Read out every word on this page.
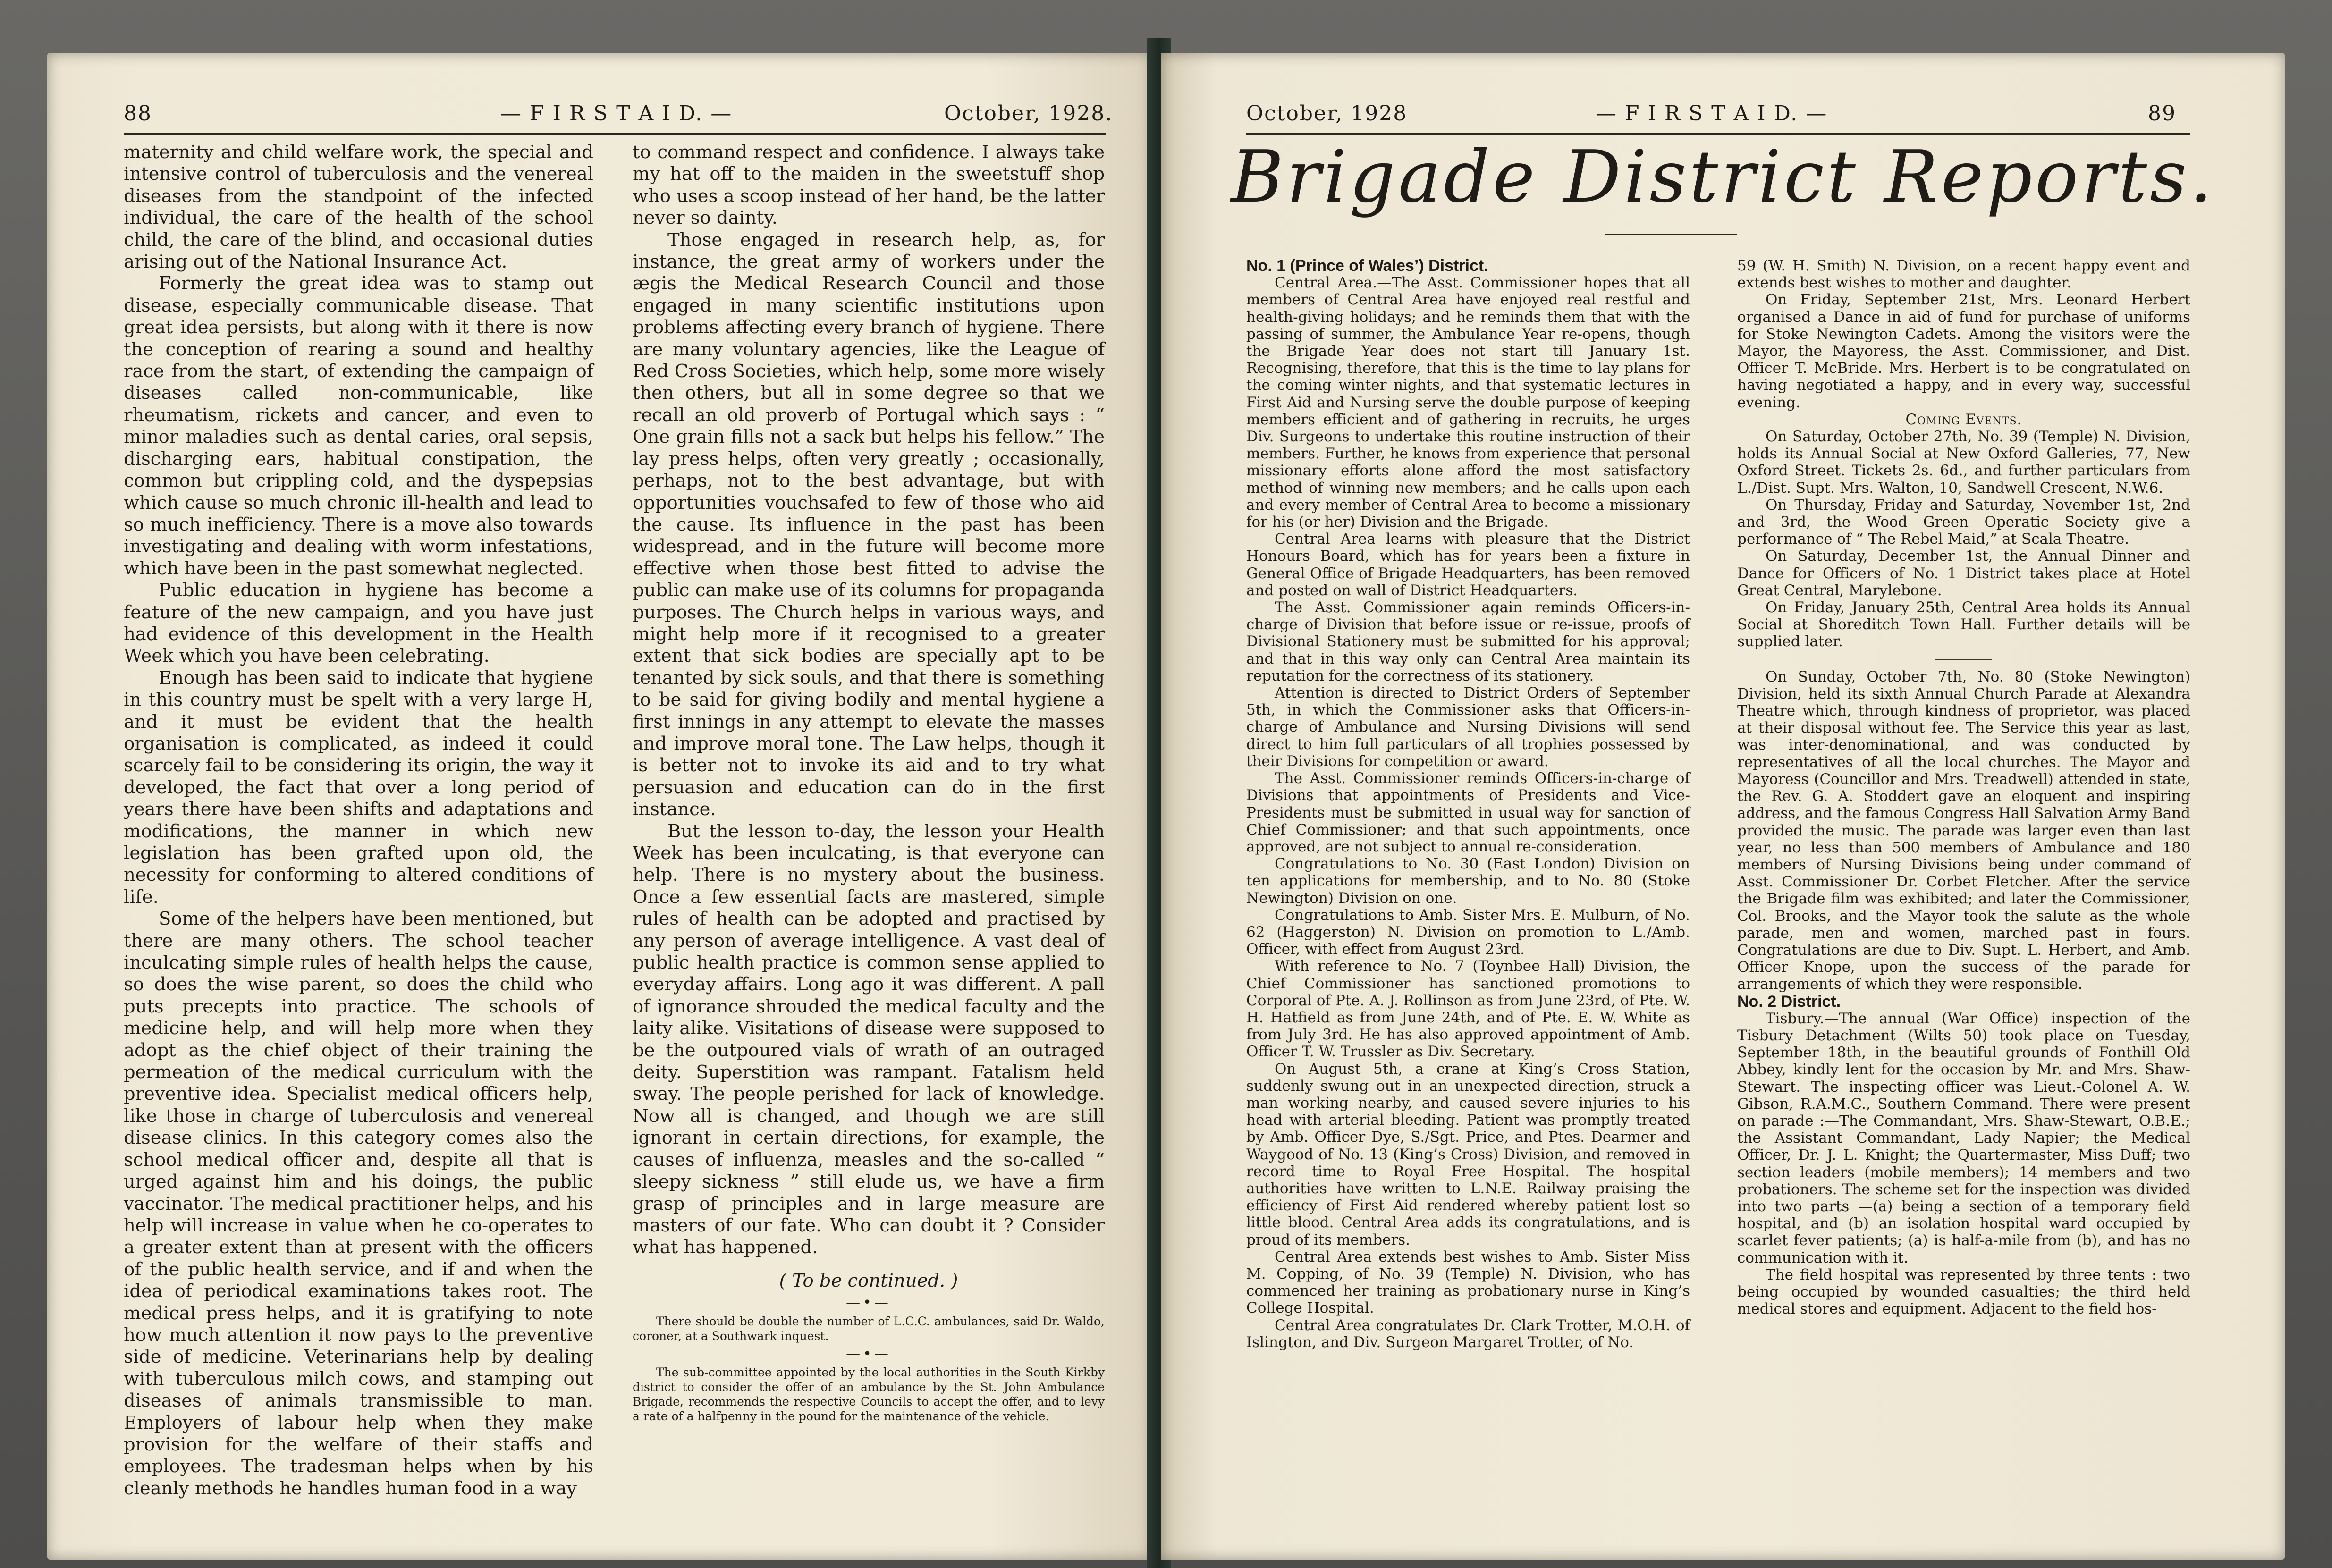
88	— F I R S T A I D. —	October, 1928.

maternity and child welfare work, the special and intensive control of tuberculosis and the venereal diseases from the standpoint of the infected individual, the care of the health of the school child, the care of the blind, and occasional duties arising out of the National Insurance Act.

Formerly the great idea was to stamp out disease, especially communicable disease. That great idea persists, but along with it there is now the conception of rearing a sound and healthy race from the start, of extending the campaign of diseases called non-communicable, like rheumatism, rickets and cancer, and even to minor maladies such as dental caries, oral sepsis, discharging ears, habitual constipation, the common but crippling cold, and the dyspepsias which cause so much chronic ill-health and lead to so much inefficiency. There is a move also towards investigating and dealing with worm infestations, which have been in the past somewhat neglected.

Public education in hygiene has become a feature of the new campaign, and you have just had evidence of this development in the Health Week which you have been celebrating.

Enough has been said to indicate that hygiene in this country must be spelt with a very large H, and it must be evident that the health organisation is complicated, as indeed it could scarcely fail to be considering its origin, the way it developed, the fact that over a long period of years there have been shifts and adaptations and modifications, the manner in which new legislation has been grafted upon old, the necessity for conforming to altered conditions of life.

Some of the helpers have been mentioned, but there are many others. The school teacher inculcating simple rules of health helps the cause, so does the wise parent, so does the child who puts precepts into practice. The schools of medicine help, and will help more when they adopt as the chief object of their training the permeation of the medical curriculum with the preventive idea. Specialist medical officers help, like those in charge of tuberculosis and venereal disease clinics. In this category comes also the school medical officer and, despite all that is urged against him and his doings, the public vaccinator. The medical practitioner helps, and his help will increase in value when he co-operates to a greater extent than at present with the officers of the public health service, and if and when the idea of periodical examinations takes root. The medical press helps, and it is gratifying to note how much attention it now pays to the preventive side of medicine. Veterinarians help by dealing with tuberculous milch cows, and stamping out diseases of animals transmissible to man. Employers of labour help when they make provision for the welfare of their staffs and employees. The tradesman helps when by his cleanly methods he handles human food in a way

to command respect and confidence. I always take my hat off to the maiden in the sweetstuff shop who uses a scoop instead of her hand, be the latter never so dainty.

Those engaged in research help, as, for instance, the great army of workers under the ægis the Medical Research Council and those engaged in many scientific institutions upon problems affecting every branch of hygiene. There are many voluntary agencies, like the League of Red Cross Societies, which help, some more wisely then others, but all in some degree so that we recall an old proverb of Portugal which says : “ One grain fills not a sack but helps his fellow.” The lay press helps, often very greatly ; occasionally, perhaps, not to the best advantage, but with opportunities vouchsafed to few of those who aid the cause. Its influence in the past has been widespread, and in the future will become more effective when those best fitted to advise the public can make use of its columns for propaganda purposes. The Church helps in various ways, and might help more if it recognised to a greater extent that sick bodies are specially apt to be tenanted by sick souls, and that there is something to be said for giving bodily and mental hygiene a first innings in any attempt to elevate the masses and improve moral tone. The Law helps, though it is better not to invoke its aid and to try what persuasion and education can do in the first instance.

But the lesson to-day, the lesson your Health Week has been inculcating, is that everyone can help. There is no mystery about the business. Once a few essential facts are mastered, simple rules of health can be adopted and practised by any person of average intelligence. A vast deal of public health practice is common sense applied to everyday affairs. Long ago it was different. A pall of ignorance shrouded the medical faculty and the laity alike. Visitations of disease were supposed to be the outpoured vials of wrath of an outraged deity. Superstition was rampant. Fatalism held sway. The people perished for lack of knowledge. Now all is changed, and though we are still ignorant in certain directions, for example, the causes of influenza, measles and the so-called “ sleepy sickness ” still elude us, we have a firm grasp of principles and in large measure are masters of our fate. Who can doubt it ? Consider what has happened.

( To be continued. )

—•—

There should be double the number of L.C.C. ambulances, said Dr. Waldo, coroner, at a Southwark inquest.

—•—

The sub-committee appointed by the local authorities in the South Kirkby district to consider the offer of an ambulance by the St. John Ambulance Brigade, recommends the respective Councils to accept the offer, and to levy a rate of a halfpenny in the pound for the maintenance of the vehicle.

October, 1928	— F I R S T A I D. —	89
Brigade District Reports.

No. 1 (Prince of Wales’) District.

Central Area.—The Asst. Commissioner hopes that all members of Central Area have enjoyed real restful and health-giving holidays; and he reminds them that with the passing of summer, the Ambulance Year re-opens, though the Brigade Year does not start till January 1st. Recognising, therefore, that this is the time to lay plans for the coming winter nights, and that systematic lectures in First Aid and Nursing serve the double purpose of keeping members efficient and of gathering in recruits, he urges Div. Surgeons to undertake this routine instruction of their members. Further, he knows from experience that personal missionary efforts alone afford the most satisfactory method of winning new members; and he calls upon each and every member of Central Area to become a missionary for his (or her) Division and the Brigade.

Central Area learns with pleasure that the District Honours Board, which has for years been a fixture in General Office of Brigade Headquarters, has been removed and posted on wall of District Headquarters.

The Asst. Commissioner again reminds Officers-in-charge of Division that before issue or re-issue, proofs of Divisional Stationery must be submitted for his approval; and that in this way only can Central Area maintain its reputation for the correctness of its stationery.

Attention is directed to District Orders of September 5th, in which the Commissioner asks that Officers-in-charge of Ambulance and Nursing Divisions will send direct to him full particulars of all trophies possessed by their Divisions for competition or award.

The Asst. Commissioner reminds Officers-in-charge of Divisions that appointments of Presidents and Vice-Presidents must be submitted in usual way for sanction of Chief Commissioner; and that such appointments, once approved, are not subject to annual re-consideration.

Congratulations to No. 30 (East London) Division on ten applications for membership, and to No. 80 (Stoke Newington) Division on one.

Congratulations to Amb. Sister Mrs. E. Mulburn, of No. 62 (Haggerston) N. Division on promotion to L./Amb. Officer, with effect from August 23rd.

With reference to No. 7 (Toynbee Hall) Division, the Chief Commissioner has sanctioned promotions to Corporal of Pte. A. J. Rollinson as from June 23rd, of Pte. W. H. Hatfield as from June 24th, and of Pte. E. W. White as from July 3rd. He has also approved appointment of Amb. Officer T. W. Trussler as Div. Secretary.

On August 5th, a crane at King’s Cross Station, suddenly swung out in an unexpected direction, struck a man working nearby, and caused severe injuries to his head with arterial bleeding. Patient was promptly treated by Amb. Officer Dye, S./Sgt. Price, and Ptes. Dearmer and Waygood of No. 13 (King’s Cross) Division, and removed in record time to Royal Free Hospital. The hospital authorities have written to L.N.E. Railway praising the efficiency of First Aid rendered whereby patient lost so little blood. Central Area adds its congratulations, and is proud of its members.

Central Area extends best wishes to Amb. Sister Miss M. Copping, of No. 39 (Temple) N. Division, who has commenced her training as probationary nurse in King’s College Hospital.

Central Area congratulates Dr. Clark Trotter, M.O.H. of Islington, and Div. Surgeon Margaret Trotter, of No.

59 (W. H. Smith) N. Division, on a recent happy event and extends best wishes to mother and daughter.

On Friday, September 21st, Mrs. Leonard Herbert organised a Dance in aid of fund for purchase of uniforms for Stoke Newington Cadets. Among the visitors were the Mayor, the Mayoress, the Asst. Commissioner, and Dist. Officer T. McBride. Mrs. Herbert is to be congratulated on having negotiated a happy, and in every way, successful evening.

Coming Events.

On Saturday, October 27th, No. 39 (Temple) N. Division, holds its Annual Social at New Oxford Galleries, 77, New Oxford Street. Tickets 2s. 6d., and further particulars from L./Dist. Supt. Mrs. Walton, 10, Sandwell Crescent, N.W.6.

On Thursday, Friday and Saturday, November 1st, 2nd and 3rd, the Wood Green Operatic Society give a performance of “ The Rebel Maid,” at Scala Theatre.

On Saturday, December 1st, the Annual Dinner and Dance for Officers of No. 1 District takes place at Hotel Great Central, Marylebone.

On Friday, January 25th, Central Area holds its Annual Social at Shoreditch Town Hall. Further details will be supplied later.

On Sunday, October 7th, No. 80 (Stoke Newington) Division, held its sixth Annual Church Parade at Alexandra Theatre which, through kindness of proprietor, was placed at their disposal without fee. The Service this year as last, was inter-denominational, and was conducted by representatives of all the local churches. The Mayor and Mayoress (Councillor and Mrs. Treadwell) attended in state, the Rev. G. A. Stoddert gave an eloquent and inspiring address, and the famous Congress Hall Salvation Army Band provided the music. The parade was larger even than last year, no less than 500 members of Ambulance and 180 members of Nursing Divisions being under command of Asst. Commissioner Dr. Corbet Fletcher. After the service the Brigade film was exhibited; and later the Commissioner, Col. Brooks, and the Mayor took the salute as the whole parade, men and women, marched past in fours. Congratulations are due to Div. Supt. L. Herbert, and Amb. Officer Knope, upon the success of the parade for arrangements of which they were responsible.

No. 2 District.

Tisbury.—The annual (War Office) inspection of the Tisbury Detachment (Wilts 50) took place on Tuesday, September 18th, in the beautiful grounds of Fonthill Old Abbey, kindly lent for the occasion by Mr. and Mrs. Shaw-Stewart. The inspecting officer was Lieut.-Colonel A. W. Gibson, R.A.M.C., Southern Command. There were present on parade :—The Commandant, Mrs. Shaw-Stewart, O.B.E.; the Assistant Commandant, Lady Napier; the Medical Officer, Dr. J. L. Knight; the Quartermaster, Miss Duff; two section leaders (mobile members); 14 members and two probationers. The scheme set for the inspection was divided into two parts —(a) being a section of a temporary field hospital, and (b) an isolation hospital ward occupied by scarlet fever patients; (a) is half-a-mile from (b), and has no communication with it.

The field hospital was represented by three tents : two being occupied by wounded casualties; the third held medical stores and equipment. Adjacent to the field hos-
